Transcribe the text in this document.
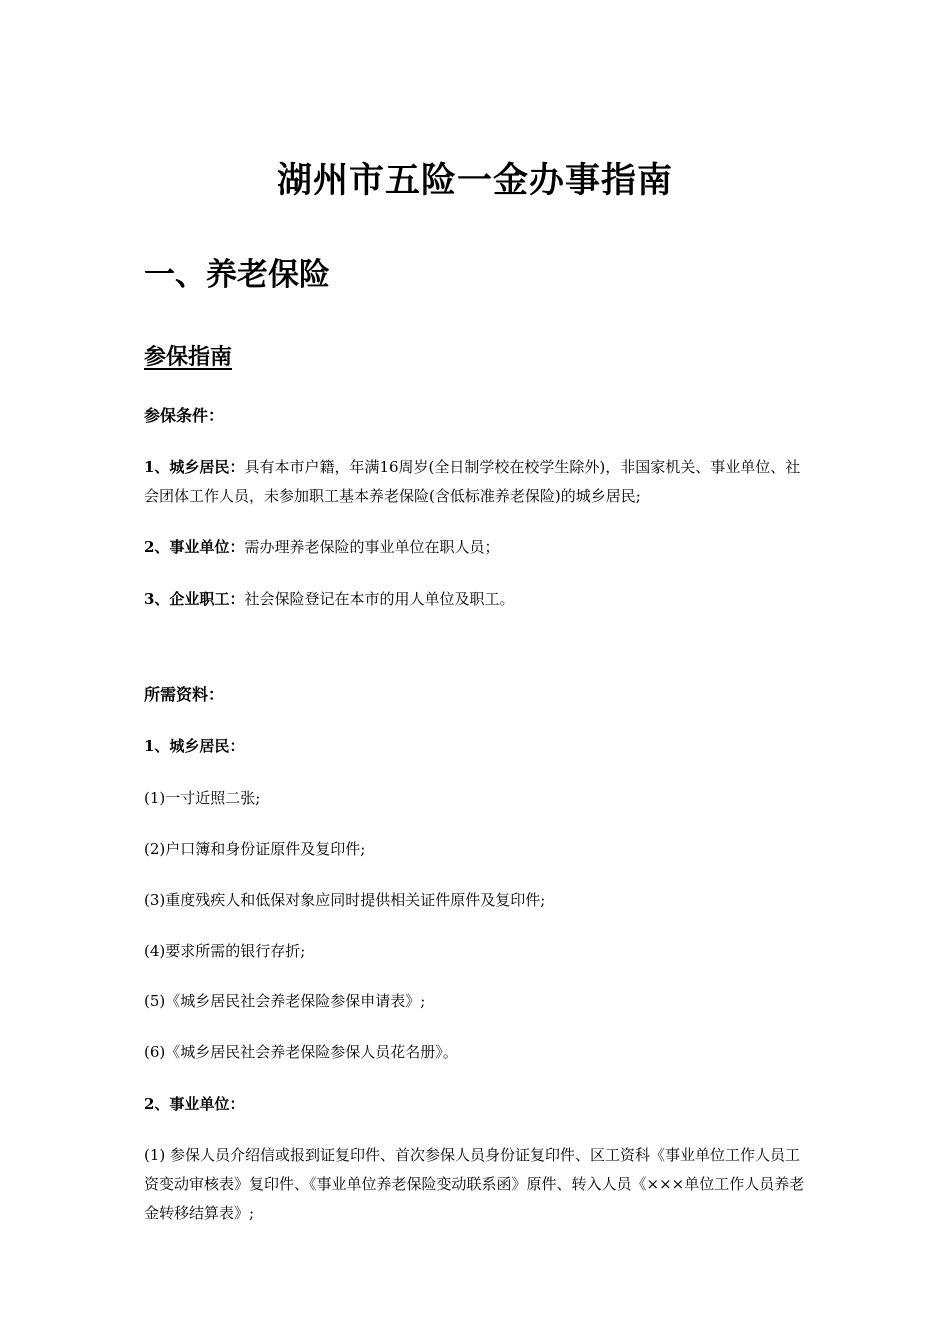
湖州市五险一金办事指南
一、养老保险
参保指南
参保条件：
1、城乡居民：具有本市户籍，年满16周岁(全日制学校在校学生除外)，非国家机关、事业单位、社会团体工作人员，未参加职工基本养老保险(含低标准养老保险)的城乡居民;
2、事业单位：需办理养老保险的事业单位在职人员；
3、企业职工：社会保险登记在本市的用人单位及职工。
所需资料：
1、城乡居民：
(1)一寸近照二张;
(2)户口簿和身份证原件及复印件;
(3)重度残疾人和低保对象应同时提供相关证件原件及复印件;
(4)要求所需的银行存折;
(5)《城乡居民社会养老保险参保申请表》;
(6)《城乡居民社会养老保险参保人员花名册》。
2、事业单位：
(1) 参保人员介绍信或报到证复印件、首次参保人员身份证复印件、区工资科《事业单位工作人员工资变动审核表》复印件、《事业单位养老保险变动联系函》原件、转入人员《×××单位工作人员养老金转移结算表》;
